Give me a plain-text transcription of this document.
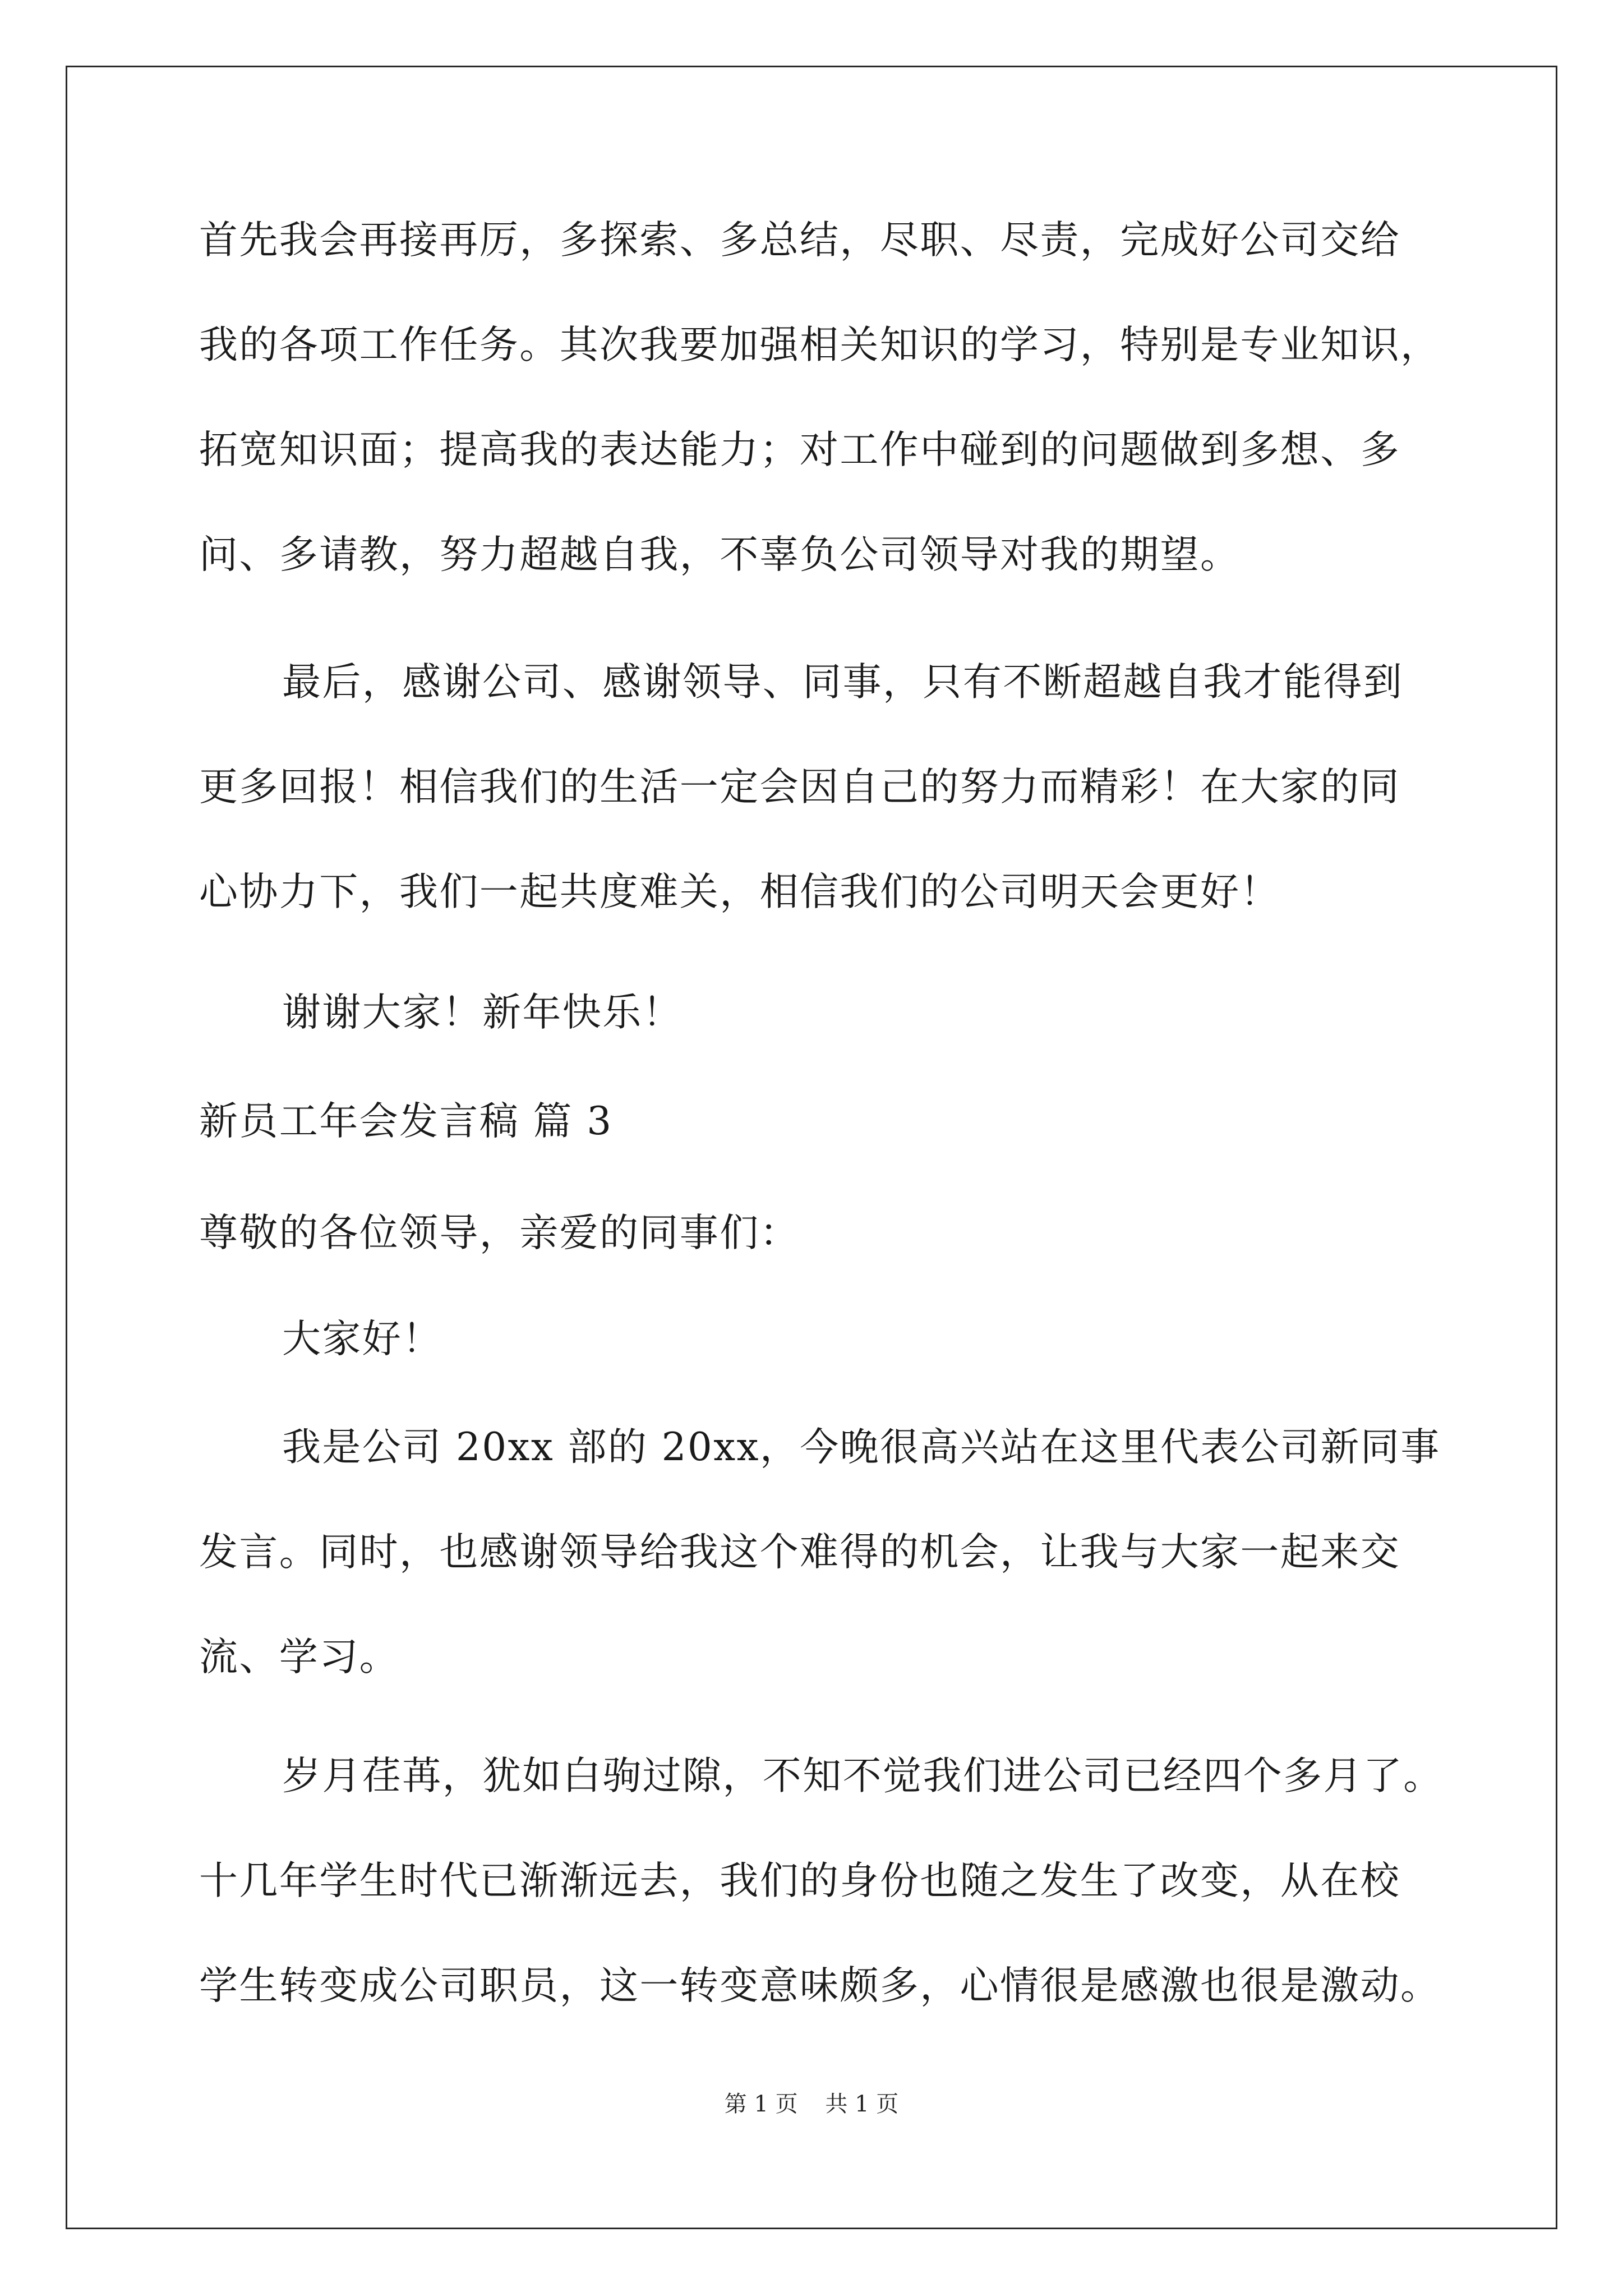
首先我会再接再厉，多探索、多总结，尽职、尽责，完成好公司交给
我的各项工作任务。其次我要加强相关知识的学习，特别是专业知识，
拓宽知识面；提高我的表达能力；对工作中碰到的问题做到多想、多
问、多请教，努力超越自我，不辜负公司领导对我的期望。
最后，感谢公司、感谢领导、同事，只有不断超越自我才能得到
更多回报！相信我们的生活一定会因自己的努力而精彩！在大家的同
心协力下，我们一起共度难关，相信我们的公司明天会更好！
谢谢大家！新年快乐！
新员工年会发言稿 篇 3
尊敬的各位领导，亲爱的同事们：
大家好！
我是公司 20xx 部的 20xx，今晚很高兴站在这里代表公司新同事
发言。同时，也感谢领导给我这个难得的机会，让我与大家一起来交
流、学习。
岁月荏苒，犹如白驹过隙，不知不觉我们进公司已经四个多月了。
十几年学生时代已渐渐远去，我们的身份也随之发生了改变，从在校
学生转变成公司职员，这一转变意味颇多，心情很是感激也很是激动。
第 1 页 共 1 页
